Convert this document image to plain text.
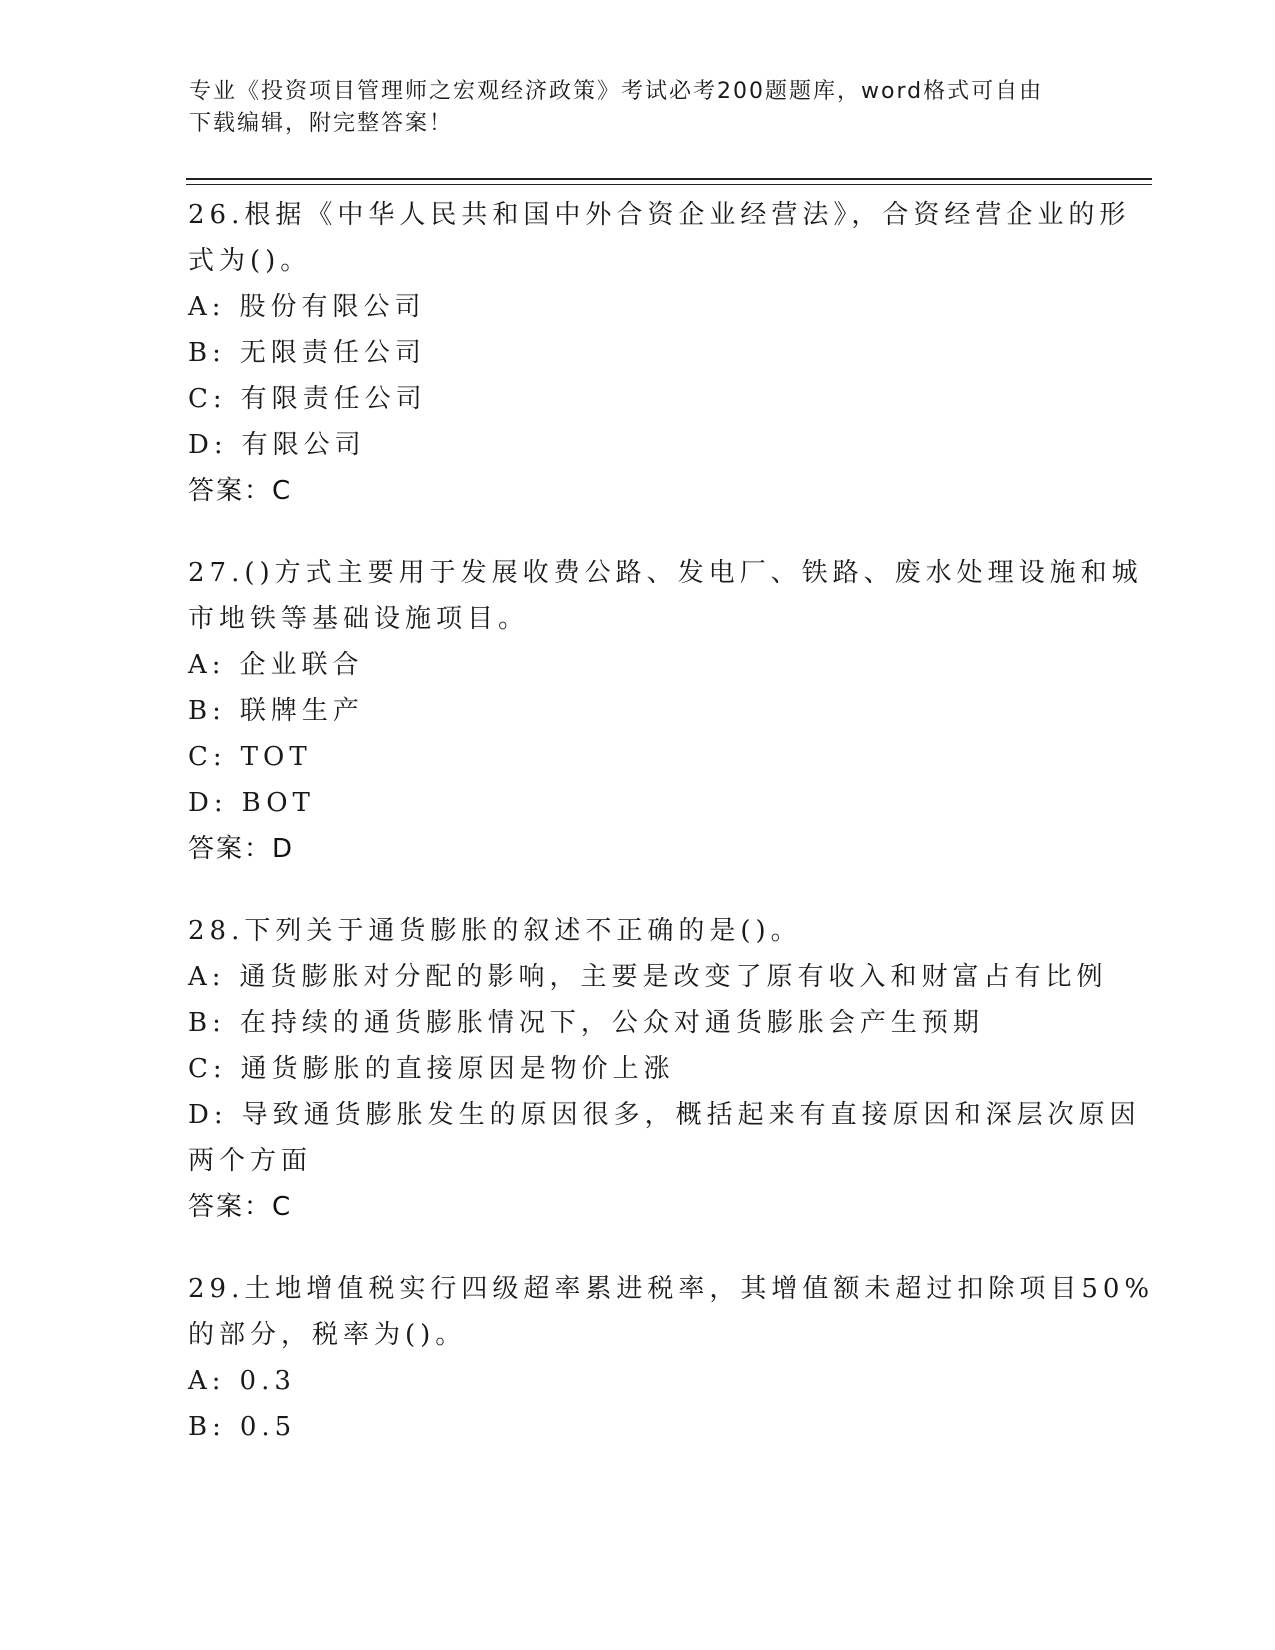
专业《投资项目管理师之宏观经济政策》考试必考200题题库，word格式可自由
下载编辑，附完整答案！
26.根据《中华人民共和国中外合资企业经营法》，合资经营企业的形
式为()。
A: 股份有限公司
B: 无限责任公司
C: 有限责任公司
D: 有限公司
答案：C
27.()方式主要用于发展收费公路、发电厂、铁路、废水处理设施和城
市地铁等基础设施项目。
A: 企业联合
B: 联牌生产
C: TOT
D: BOT
答案：D
28.下列关于通货膨胀的叙述不正确的是()。
A: 通货膨胀对分配的影响，主要是改变了原有收入和财富占有比例
B: 在持续的通货膨胀情况下，公众对通货膨胀会产生预期
C: 通货膨胀的直接原因是物价上涨
D: 导致通货膨胀发生的原因很多，概括起来有直接原因和深层次原因
两个方面
答案：C
29.土地增值税实行四级超率累进税率，其增值额未超过扣除项目50%
的部分，税率为()。
A: 0.3
B: 0.5
